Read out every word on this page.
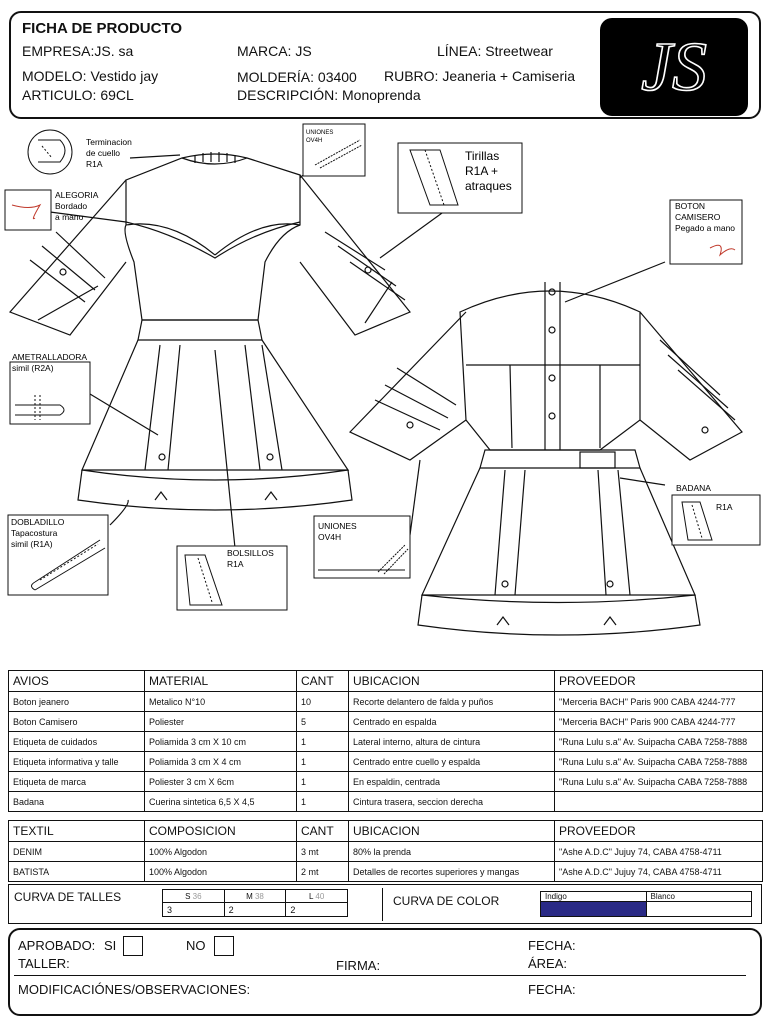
FICHA DE PRODUCTO
EMPRESA:JS. sa	MARCA: JS	LÍNEA: Streetwear
MODELO: Vestido jay
ARTICULO: 69CL
MOLDERÍA: 03400 RUBRO: Jeaneria + Camiseria
DESCRIPCIÓN: Monoprenda	JS
Terminacion
de cuello
R1A
ALEGORIA
Bordado
a mano
UNIONES
OV4H
Tirillas
R1A +
atraques
BOTON
CAMISERO
Pegado a mano
AMETRALLADORA
simil (R2A)
DOBLADILLO
Tapacostura
simil (R1A)
BOLSILLOS
R1A
UNIONES
OV4H
BADANA
R1A
AVIOS	MATERIAL	CANT	UBICACION	PROVEEDOR
Boton jeanero	Metalico N°10	10	Recorte delantero de falda y puños	"Merceria BACH" Paris 900 CABA 4244-777
Boton Camisero	Poliester	5	Centrado en espalda	"Merceria BACH" Paris 900 CABA 4244-777
Etiqueta de cuidados	Poliamida 3 cm X 10 cm	1	Lateral interno, altura de cintura	"Runa Lulu s.a" Av. Suipacha CABA 7258-7888
Etiqueta informativa y talle	Poliamida 3 cm X 4 cm	1	Centrado entre cuello y espalda	"Runa Lulu s.a" Av. Suipacha CABA 7258-7888
Etiqueta de marca	Poliester 3 cm X 6cm	1	En espaldin, centrada	"Runa Lulu s.a" Av. Suipacha CABA 7258-7888
Badana	Cuerina sintetica 6,5 X 4,5	1	Cintura trasera, seccion derecha	
TEXTIL	COMPOSICION	CANT	UBICACION	PROVEEDOR
DENIM	100% Algodon	3 mt	80% la prenda	"Ashe A.D.C" Jujuy 74, CABA 4758-4711
BATISTA	100% Algodon	2 mt	Detalles de recortes superiores y mangas	"Ashe A.D.C" Jujuy 74, CABA 4758-4711
CURVA DE TALLES	S 36	M 38	L 40
3	2	2
CURVA DE COLOR	Indigo	Blanco

APROBADO: SI	NO	FECHA:
TALLER:	FIRMA:	ÁREA:
MODIFICACIÓNES/OBSERVACIONES:	FECHA:
